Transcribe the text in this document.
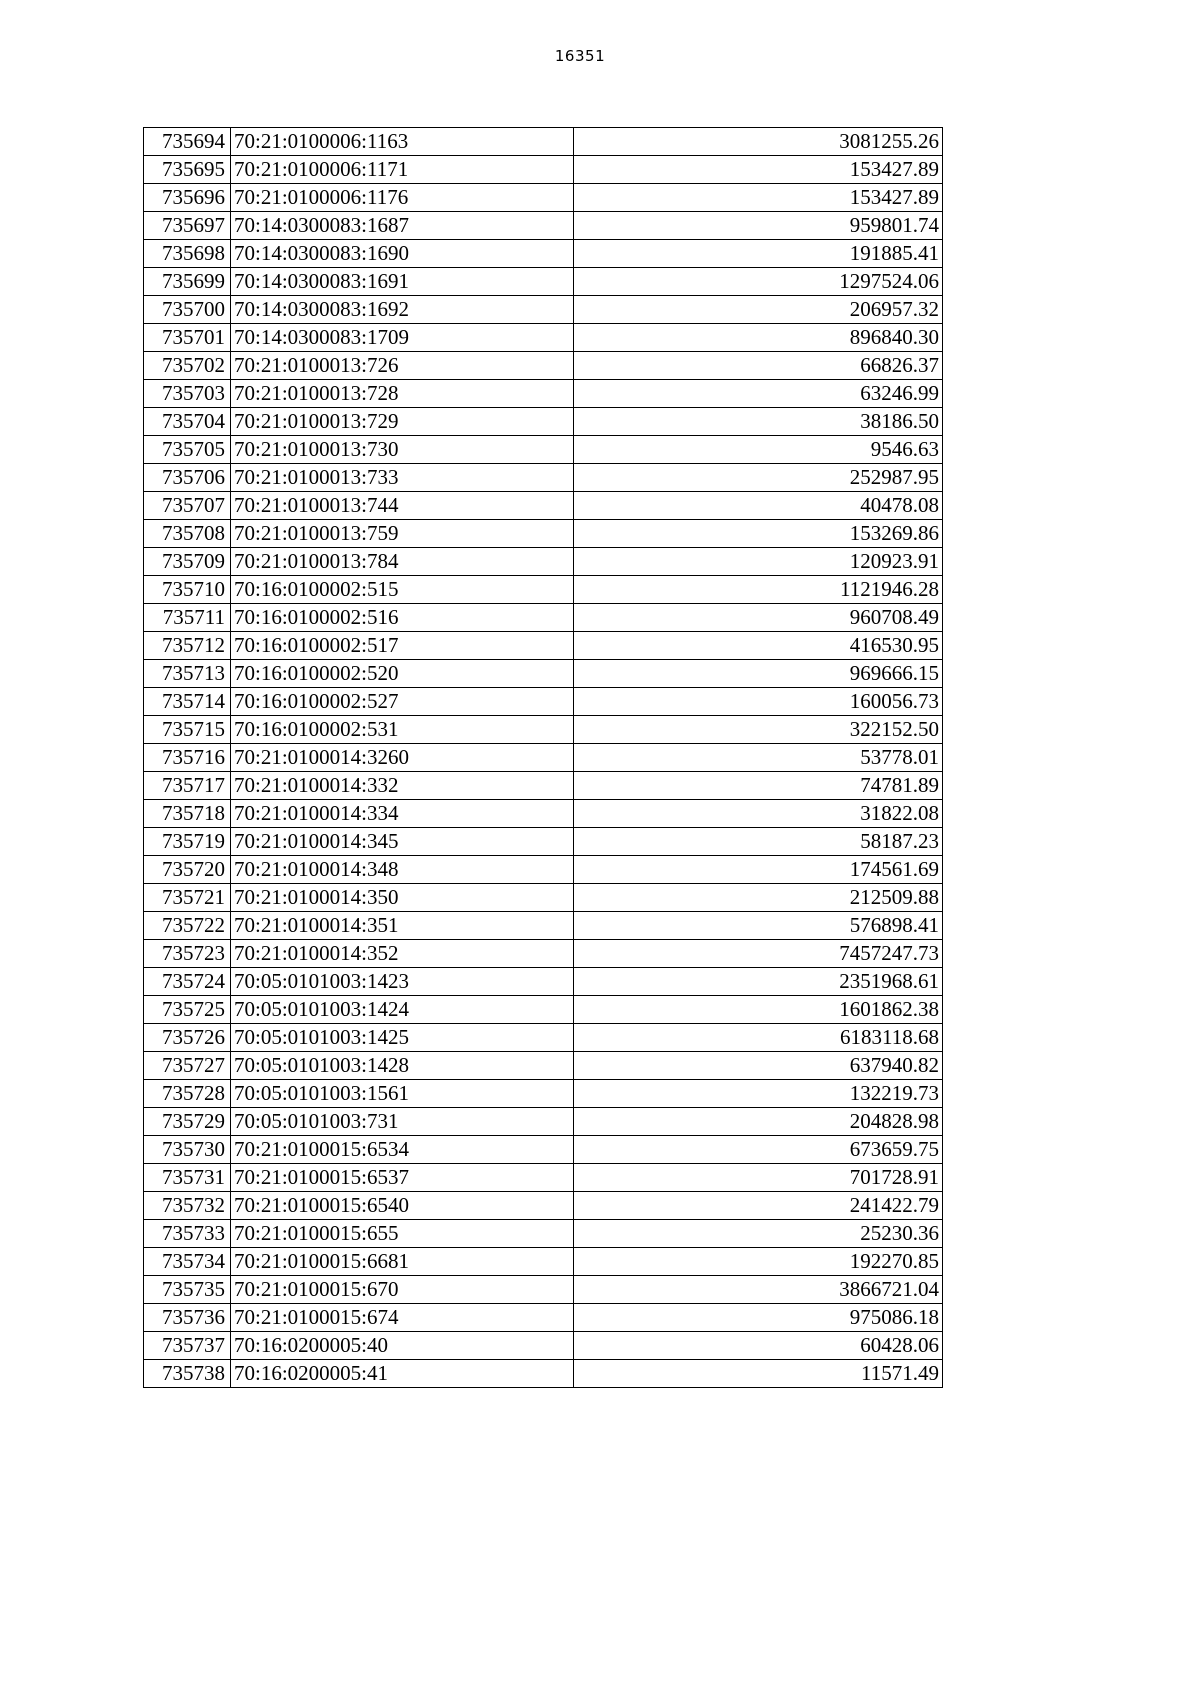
16351
735694	70:21:0100006:1163	3081255.26
735695	70:21:0100006:1171	153427.89
735696	70:21:0100006:1176	153427.89
735697	70:14:0300083:1687	959801.74
735698	70:14:0300083:1690	191885.41
735699	70:14:0300083:1691	1297524.06
735700	70:14:0300083:1692	206957.32
735701	70:14:0300083:1709	896840.30
735702	70:21:0100013:726	66826.37
735703	70:21:0100013:728	63246.99
735704	70:21:0100013:729	38186.50
735705	70:21:0100013:730	9546.63
735706	70:21:0100013:733	252987.95
735707	70:21:0100013:744	40478.08
735708	70:21:0100013:759	153269.86
735709	70:21:0100013:784	120923.91
735710	70:16:0100002:515	1121946.28
735711	70:16:0100002:516	960708.49
735712	70:16:0100002:517	416530.95
735713	70:16:0100002:520	969666.15
735714	70:16:0100002:527	160056.73
735715	70:16:0100002:531	322152.50
735716	70:21:0100014:3260	53778.01
735717	70:21:0100014:332	74781.89
735718	70:21:0100014:334	31822.08
735719	70:21:0100014:345	58187.23
735720	70:21:0100014:348	174561.69
735721	70:21:0100014:350	212509.88
735722	70:21:0100014:351	576898.41
735723	70:21:0100014:352	7457247.73
735724	70:05:0101003:1423	2351968.61
735725	70:05:0101003:1424	1601862.38
735726	70:05:0101003:1425	6183118.68
735727	70:05:0101003:1428	637940.82
735728	70:05:0101003:1561	132219.73
735729	70:05:0101003:731	204828.98
735730	70:21:0100015:6534	673659.75
735731	70:21:0100015:6537	701728.91
735732	70:21:0100015:6540	241422.79
735733	70:21:0100015:655	25230.36
735734	70:21:0100015:6681	192270.85
735735	70:21:0100015:670	3866721.04
735736	70:21:0100015:674	975086.18
735737	70:16:0200005:40	60428.06
735738	70:16:0200005:41	11571.49
